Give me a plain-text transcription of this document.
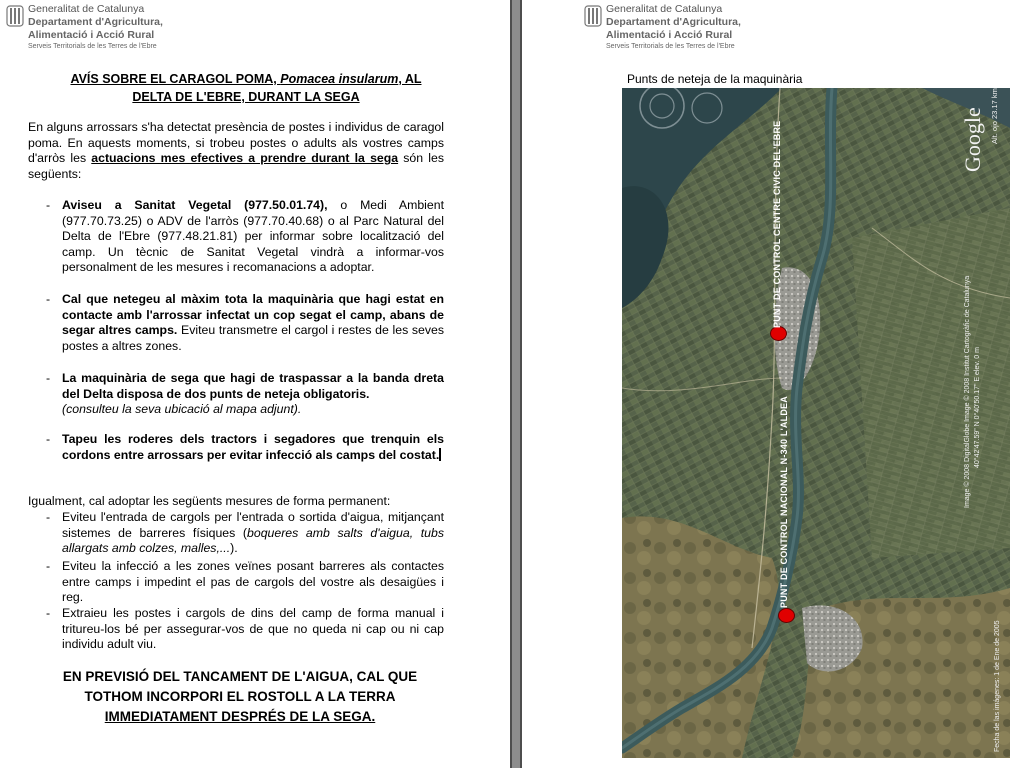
Generalitat de Catalunya
Departament d'Agricultura,
Alimentació i Acció Rural
Serveis Territorials de les Terres de l'Ebre
AVÍS SOBRE EL CARAGOL POMA, Pomacea insularum, AL
DELTA DE L'EBRE, DURANT LA SEGA
En alguns arrossars s'ha detectat presència de postes i individus de caragol poma. En aquests moments, si trobeu postes o adults als vostres camps d'arròs les actuacions mes efectives a prendre durant la sega són les següents:
- Aviseu a Sanitat Vegetal (977.50.01.74), o Medi Ambient (977.70.73.25) o ADV de l'arròs (977.70.40.68) o al Parc Natural del Delta de l'Ebre (977.48.21.81) per informar sobre localització del camp. Un tècnic de Sanitat Vegetal vindrà a informar-vos personalment de les mesures i recomanacions a adoptar.
- Cal que netegeu al màxim tota la maquinària que hagi estat en contacte amb l'arrossar infectat un cop segat el camp, abans de segar altres camps. Eviteu transmetre el cargol i restes de les seves postes a altres zones.
- La maquinària de sega que hagi de traspassar a la banda dreta del Delta disposa de dos punts de neteja obligatoris.
(consulteu la seva ubicació al mapa adjunt).
- Tapeu les roderes dels tractors i segadores que trenquin els cordons entre arrossars per evitar infecció als camps del costat.
Igualment, cal adoptar les següents mesures de forma permanent:
- Eviteu l'entrada de cargols per l'entrada o sortida d'aigua, mitjançant sistemes de barreres físiques (boqueres amb salts d'aigua, tubs allargats amb colzes, malles,...).
- Eviteu la infecció a les zones veïnes posant barreres als contactes entre camps i impedint el pas de cargols del vostre als desaigües i reg.
- Extraieu les postes i cargols de dins del camp de forma manual i tritureu-los bé per assegurar-vos de que no queda ni cap ou ni cap individu adult viu.
EN PREVISIÓ DEL TANCAMENT DE L'AIGUA, CAL QUE
TOTHOM INCORPORI EL ROSTOLL A LA TERRA
IMMEDIATAMENT DESPRÉS DE LA SEGA.
Generalitat de Catalunya
Departament d'Agricultura,
Alimentació i Acció Rural
Serveis Territorials de les Terres de l'Ebre
Punts de neteja de la maquinària
PUNT DE CONTROL CENTRE CIVIC DEL'EBRE
PUNT DE CONTROL NACIONAL N-340 L'ALDEA
Google Alt. ojo 23.17 km
Image © 2008 DigitalGlobe Image © 2008 Institut Cartogràfic de Catalunya 40°42'47.59" N 0°40'50.17" E elev. 0 m
Fecha de las imágenes: 1 de Ene de 2005
